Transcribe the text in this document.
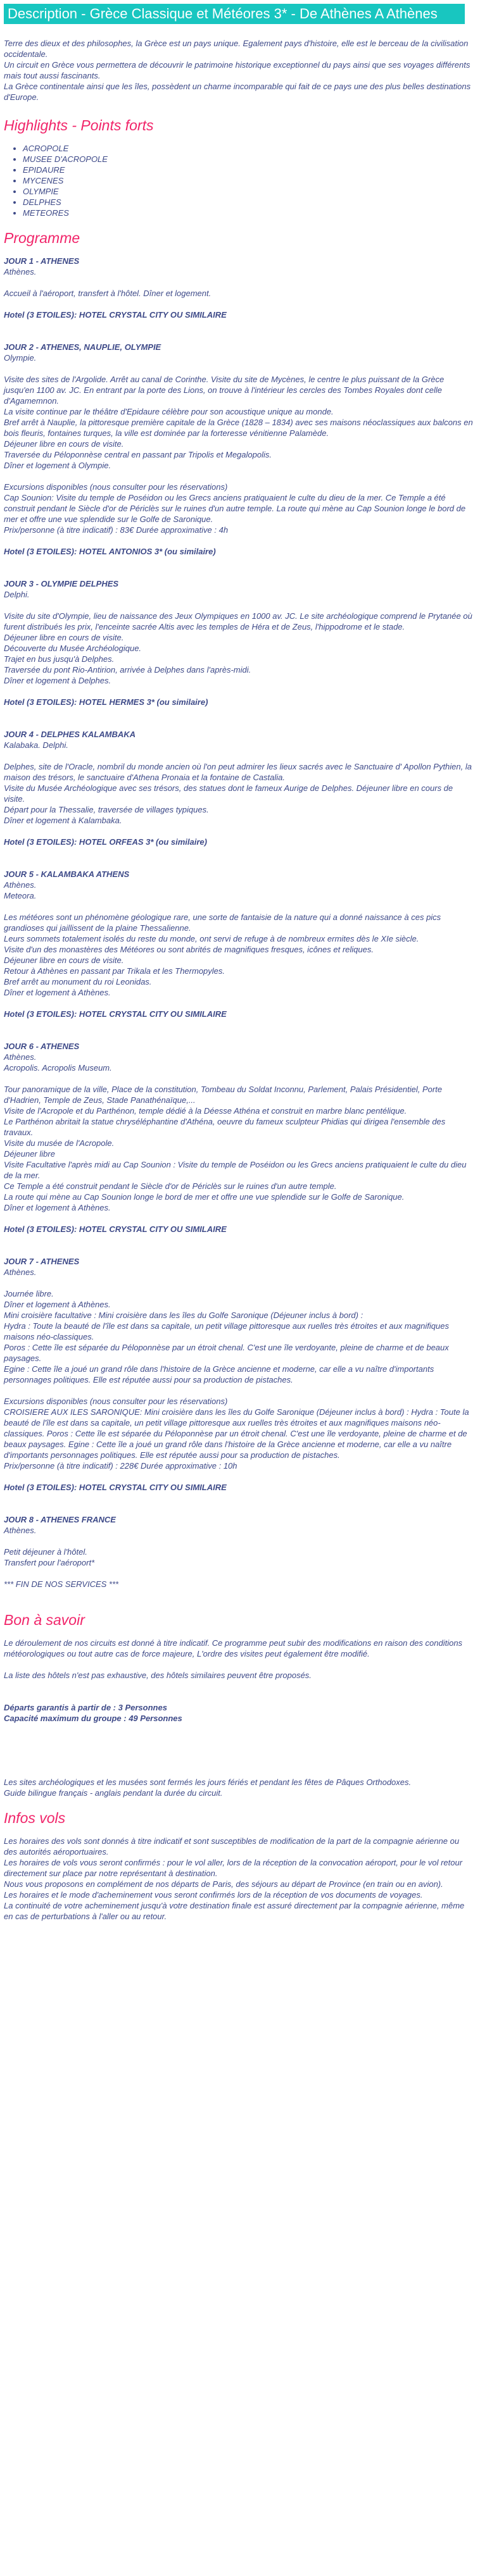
Description - Grèce Classique et Météores 3* - De Athènes A Athènes

Terre des dieux et des philosophes, la Grèce est un pays unique. Egalement pays d'histoire, elle est le berceau de la civilisation occidentale.

Un circuit en Grèce vous permettera de découvrir le patrimoine historique exceptionnel du pays ainsi que ses voyages différents mais tout aussi fascinants.

La Grèce continentale ainsi que les îles, possèdent un charme incomparable qui fait de ce pays une des plus belles destinations d'Europe.

Highlights - Points forts
• ACROPOLE
• MUSEE D'ACROPOLE
• EPIDAURE
• MYCENES
• OLYMPIE
• DELPHES
• METEORES
Programme

JOUR 1 - ATHENES

Athènes.

Accueil à l'aéroport, transfert à l'hôtel. Dîner et logement.

Hotel (3 ETOILES): HOTEL CRYSTAL CITY OU SIMILAIRE

JOUR 2 - ATHENES, NAUPLIE, OLYMPIE

Olympie.

Visite des sites de l'Argolide. Arrêt au canal de Corinthe. Visite du site de Mycènes, le centre le plus puissant de la Grèce jusqu'en 1100 av. JC. En entrant par la porte des Lions, on trouve à l'intérieur les cercles des Tombes Royales dont celle d'Agamemnon.

La visite continue par le théâtre d'Epidaure célèbre pour son acoustique unique au monde.

Bref arrêt à Nauplie, la pittoresque première capitale de la Grèce (1828 – 1834) avec ses maisons néoclassiques aux balcons en bois fleuris, fontaines turques, la ville est dominée par la forteresse vénitienne Palamède.

Déjeuner libre en cours de visite.

Traversée du Péloponnèse central en passant par Tripolis et Megalopolis.

Dîner et logement à Olympie.

Excursions disponibles (nous consulter pour les réservations)

Cap Sounion: Visite du temple de Poséidon ou les Grecs anciens pratiquaient le culte du dieu de la mer. Ce Temple a été construit pendant le Siècle d'or de Périclès sur le ruines d'un autre temple. La route qui mène au Cap Sounion longe le bord de mer et offre une vue splendide sur le Golfe de Saronique.

Prix/personne (à titre indicatif) : 83€ Durée approximative : 4h

Hotel (3 ETOILES): HOTEL ANTONIOS 3* (ou similaire)

JOUR 3 - OLYMPIE DELPHES

Delphi.

Visite du site d'Olympie, lieu de naissance des Jeux Olympiques en 1000 av. JC. Le site archéologique comprend le Prytanée où furent distribués les prix, l'enceinte sacrée Altis avec les temples de Héra et de Zeus, l'hippodrome et le stade.

Déjeuner libre en cours de visite.

Découverte du Musée Archéologique.

Trajet en bus jusqu'à Delphes.

Traversée du pont Rio-Antirion, arrivée à Delphes dans l'après-midi.

Dîner et logement à Delphes.

Hotel (3 ETOILES): HOTEL HERMES 3* (ou similaire)

JOUR 4 - DELPHES KALAMBAKA

Kalabaka. Delphi.

Delphes, site de l'Oracle, nombril du monde ancien où l'on peut admirer les lieux sacrés avec le Sanctuaire d' Apollon Pythien, la maison des trésors, le sanctuaire d'Athena Pronaia et la fontaine de Castalia.

Visite du Musée Archéologique avec ses trésors, des statues dont le fameux Aurige de Delphes. Déjeuner libre en cours de visite.

Départ pour la Thessalie, traversée de villages typiques.

Dîner et logement à Kalambaka.

Hotel (3 ETOILES): HOTEL ORFEAS 3* (ou similaire)

JOUR 5 - KALAMBAKA ATHENS

Athènes.

Meteora.

Les météores sont un phénomène géologique rare, une sorte de fantaisie de la nature qui a donné naissance à ces pics grandioses qui jaillissent de la plaine Thessalienne.

Leurs sommets totalement isolés du reste du monde, ont servi de refuge à de nombreux ermites dès le XIe siècle.

Visite d'un des monastères des Météores ou sont abrités de magnifiques fresques, icônes et reliques.

Déjeuner libre en cours de visite.

Retour à Athènes en passant par Trikala et les Thermopyles.

Bref arrêt au monument du roi Leonidas.

Dîner et logement à Athènes.

Hotel (3 ETOILES): HOTEL CRYSTAL CITY OU SIMILAIRE

JOUR 6 - ATHENES

Athènes.

Acropolis. Acropolis Museum.

Tour panoramique de la ville, Place de la constitution, Tombeau du Soldat Inconnu, Parlement, Palais Présidentiel, Porte d'Hadrien, Temple de Zeus, Stade Panathénaïque,...

Visite de l'Acropole et du Parthénon, temple dédié à la Déesse Athéna et construit en marbre blanc pentélique.

Le Parthénon abritait la statue chryséléphantine d'Athéna, oeuvre du fameux sculpteur Phidias qui dirigea l'ensemble des travaux.

Visite du musée de l'Acropole.

Déjeuner libre

Visite Facultative l'après midi au Cap Sounion : Visite du temple de Poséidon ou les Grecs anciens pratiquaient le culte du dieu de la mer.

Ce Temple a été construit pendant le Siècle d'or de Périclès sur le ruines d'un autre temple.

La route qui mène au Cap Sounion longe le bord de mer et offre une vue splendide sur le Golfe de Saronique.

Dîner et logement à Athènes.

Hotel (3 ETOILES): HOTEL CRYSTAL CITY OU SIMILAIRE

JOUR 7 - ATHENES

Athènes.

Journée libre.

Dîner et logement à Athènes.

Mini croisière facultative : Mini croisière dans les îles du Golfe Saronique (Déjeuner inclus à bord) :

Hydra : Toute la beauté de l'île est dans sa capitale, un petit village pittoresque aux ruelles très étroites et aux magnifiques maisons néo-classiques.

Poros : Cette île est séparée du Péloponnèse par un étroit chenal. C'est une île verdoyante, pleine de charme et de beaux paysages.

Egine : Cette île a joué un grand rôle dans l'histoire de la Grèce ancienne et moderne, car elle a vu naître d'importants personnages politiques. Elle est réputée aussi pour sa production de pistaches.

Excursions disponibles (nous consulter pour les réservations)

CROISIERE AUX ILES SARONIQUE: Mini croisière dans les îles du Golfe Saronique (Déjeuner inclus à bord) : Hydra : Toute la beauté de l'île est dans sa capitale, un petit village pittoresque aux ruelles très étroites et aux magnifiques maisons néo-classiques. Poros : Cette île est séparée du Péloponnèse par un étroit chenal. C'est une île verdoyante, pleine de charme et de beaux paysages. Egine : Cette île a joué un grand rôle dans l'histoire de la Grèce ancienne et moderne, car elle a vu naître d'importants personnages politiques. Elle est réputée aussi pour sa production de pistaches.

Prix/personne (à titre indicatif) : 228€ Durée approximative : 10h

Hotel (3 ETOILES): HOTEL CRYSTAL CITY OU SIMILAIRE

JOUR 8 - ATHENES FRANCE

Athènes.

Petit déjeuner à l'hôtel.

Transfert pour l'aéroport*

*** FIN DE NOS SERVICES ***

Bon à savoir

Le déroulement de nos circuits est donné à titre indicatif. Ce programme peut subir des modifications en raison des conditions météorologiques ou tout autre cas de force majeure, L'ordre des visites peut également être modifié.

La liste des hôtels n'est pas exhaustive, des hôtels similaires peuvent être proposés.

Départs garantis à partir de : 3 Personnes

Capacité maximum du groupe : 49 Personnes

Les sites archéologiques et les musées sont fermés les jours fériés et pendant les fêtes de Pâques Orthodoxes.

Guide bilingue français - anglais pendant la durée du circuit.

Infos vols

Les horaires des vols sont donnés à titre indicatif et sont susceptibles de modification de la part de la compagnie aérienne ou des autorités aéroportuaires.

Les horaires de vols vous seront confirmés : pour le vol aller, lors de la réception de la convocation aéroport, pour le vol retour directement sur place par notre représentant à destination.

Nous vous proposons en complément de nos départs de Paris, des séjours au départ de Province (en train ou en avion).

Les horaires et le mode d'acheminement vous seront confirmés lors de la réception de vos documents de voyages.

La continuité de votre acheminement jusqu'à votre destination finale est assuré directement par la compagnie aérienne, même en cas de perturbations à l'aller ou au retour.
